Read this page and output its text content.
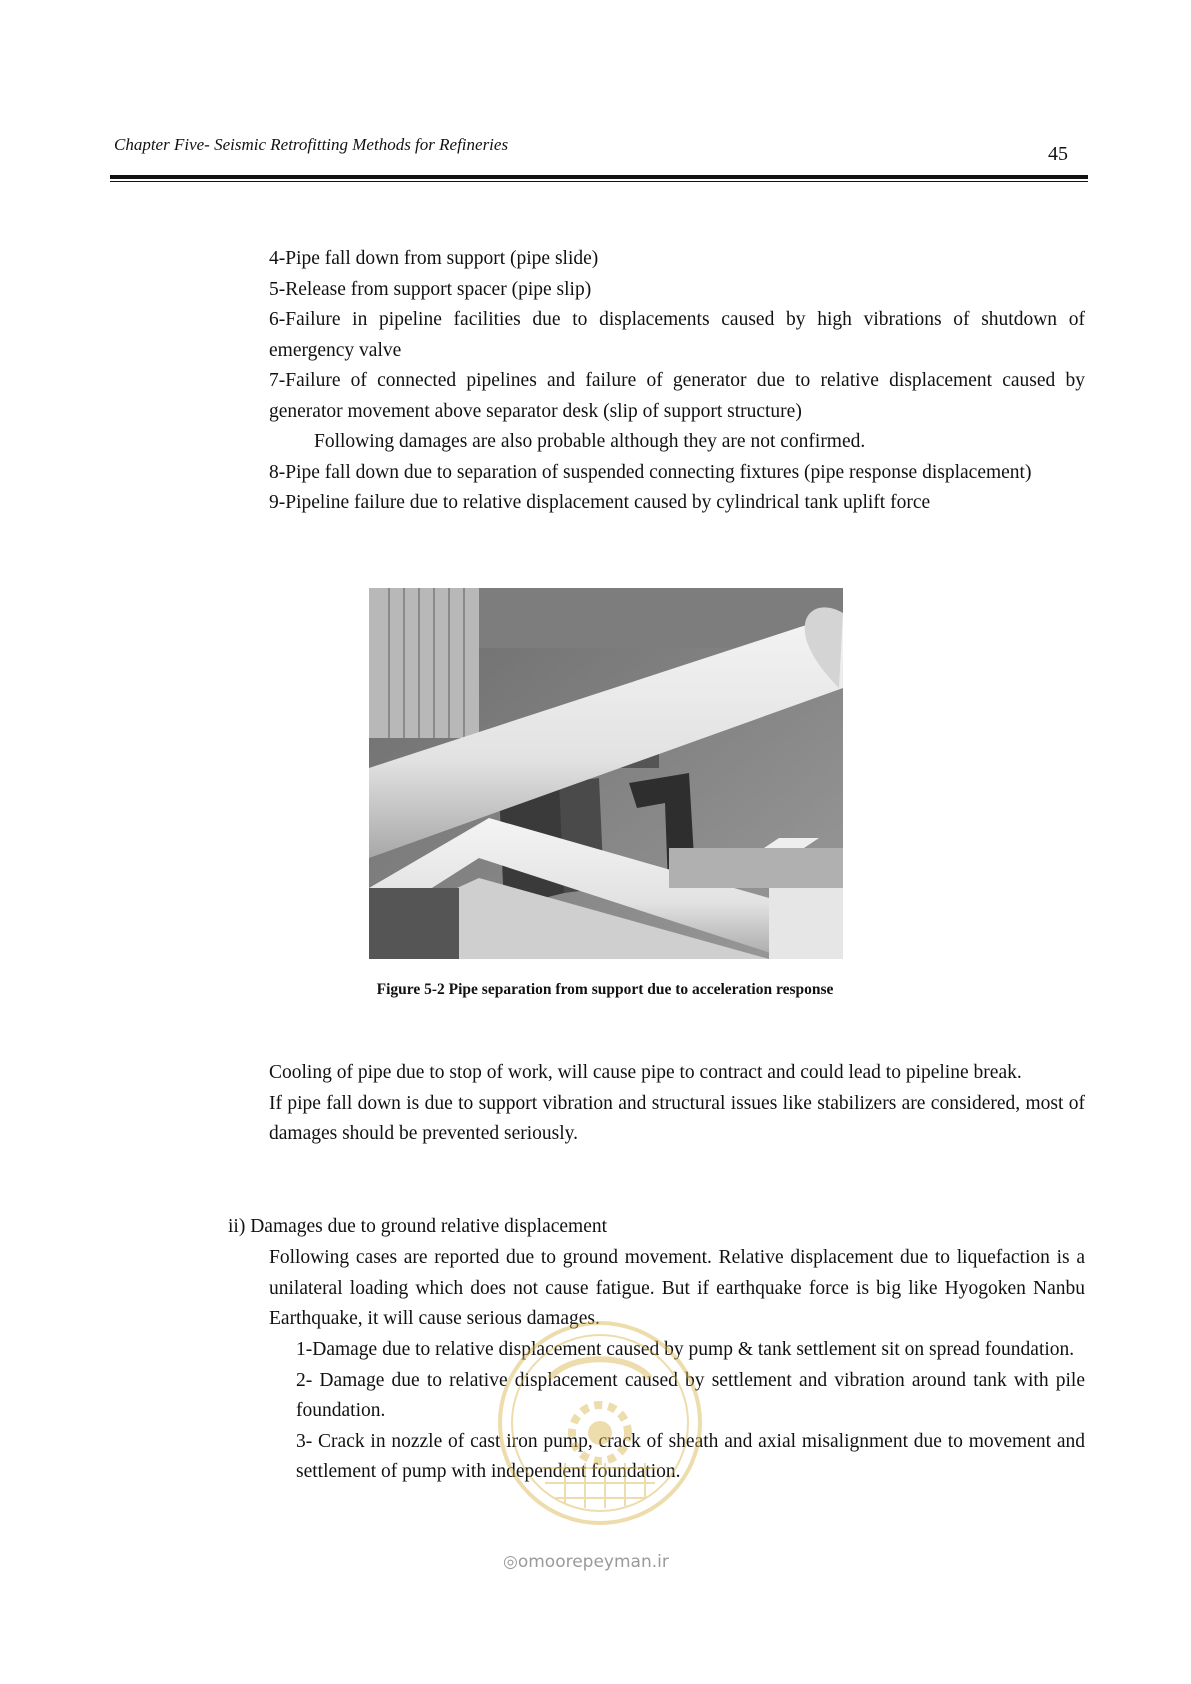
Chapter Five- Seismic Retrofitting Methods for Refineries	45

4-Pipe fall down from support (pipe slide)

5-Release from support spacer (pipe slip)

6-Failure in pipeline facilities due to displacements caused by high vibrations of shutdown of emergency valve

7-Failure of connected pipelines and failure of generator due to relative displacement caused by generator movement above separator desk (slip of support structure)

Following damages are also probable although they are not confirmed.

8-Pipe fall down due to separation of suspended connecting fixtures (pipe response displacement)

9-Pipeline failure due to relative displacement caused by cylindrical tank uplift force

Figure 5-2 Pipe separation from support due to acceleration response

Cooling of pipe due to stop of work, will cause pipe to contract and could lead to pipeline break.

If pipe fall down is due to support vibration and structural issues like stabilizers are considered, most of damages should be prevented seriously.

ii) Damages due to ground relative displacement

Following cases are reported due to ground movement. Relative displacement due to liquefaction is a unilateral loading which does not cause fatigue. But if earthquake force is big like Hyogoken Nanbu Earthquake, it will cause serious damages.

1-Damage due to relative displacement caused by pump & tank settlement sit on spread foundation.

2- Damage due to relative displacement caused by settlement and vibration around tank with pile foundation.

3- Crack in nozzle of cast iron pump, crack of sheath and axial misalignment due to movement and settlement of pump with independent foundation.

◎omoorepeyman.ir
